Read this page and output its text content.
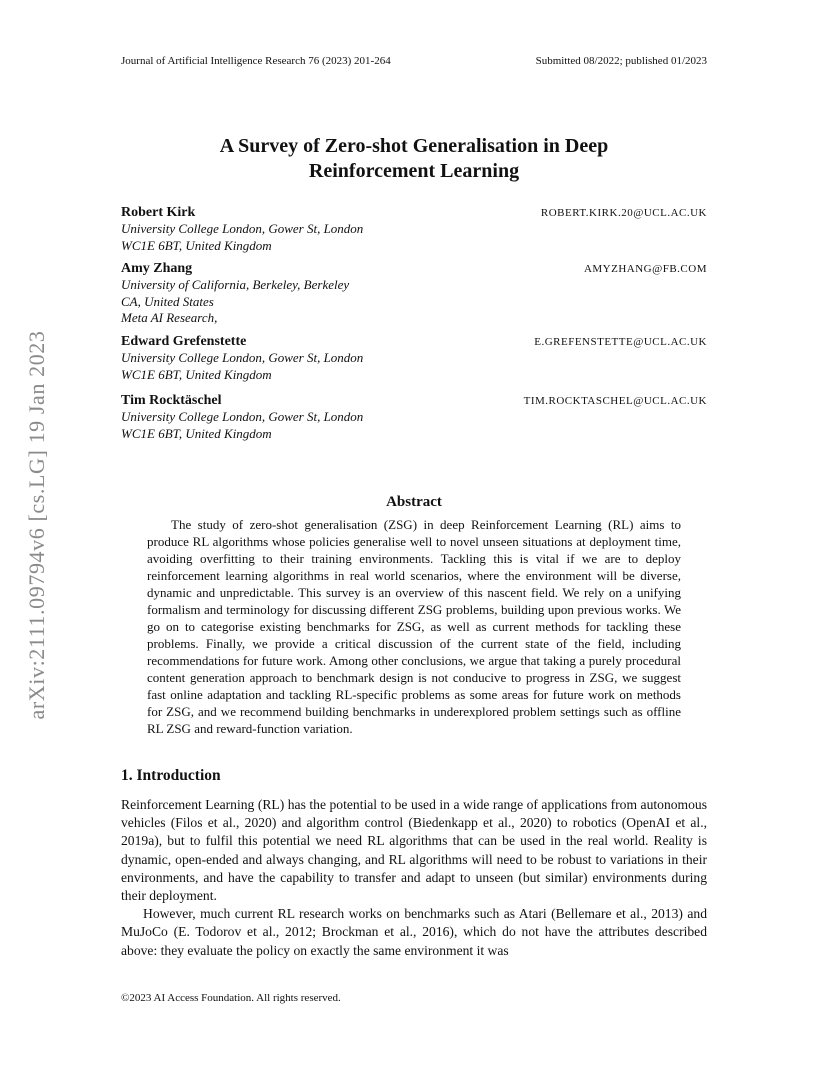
Journal of Artificial Intelligence Research 76 (2023) 201-264	Submitted 08/2022; published 01/2023
A Survey of Zero-shot Generalisation in Deep
Reinforcement Learning
Robert Kirk	ROBERT.KIRK.20@UCL.AC.UK
University College London, Gower St, London
WC1E 6BT, United Kingdom
Amy Zhang	AMYZHANG@FB.COM
University of California, Berkeley, Berkeley
CA, United States
Meta AI Research,
Edward Grefenstette	E.GREFENSTETTE@UCL.AC.UK
University College London, Gower St, London
WC1E 6BT, United Kingdom
Tim Rocktäschel	TIM.ROCKTASCHEL@UCL.AC.UK
University College London, Gower St, London
WC1E 6BT, United Kingdom
Abstract
The study of zero-shot generalisation (ZSG) in deep Reinforcement Learning (RL) aims to produce RL algorithms whose policies generalise well to novel unseen situations at deployment time, avoiding overfitting to their training environments. Tackling this is vital if we are to deploy reinforcement learning algorithms in real world scenarios, where the environment will be diverse, dynamic and unpredictable. This survey is an overview of this nascent field. We rely on a unifying formalism and terminology for discussing different ZSG problems, building upon previous works. We go on to categorise existing benchmarks for ZSG, as well as current methods for tackling these problems. Finally, we provide a critical discussion of the current state of the field, including recommendations for future work. Among other conclusions, we argue that taking a purely procedural content generation approach to benchmark design is not conducive to progress in ZSG, we suggest fast online adaptation and tackling RL-specific problems as some areas for future work on methods for ZSG, and we recommend building benchmarks in underexplored problem settings such as offline RL ZSG and reward-function variation.
1. Introduction

Reinforcement Learning (RL) has the potential to be used in a wide range of applications from autonomous vehicles (Filos et al., 2020) and algorithm control (Biedenkapp et al., 2020) to robotics (OpenAI et al., 2019a), but to fulfil this potential we need RL algorithms that can be used in the real world. Reality is dynamic, open-ended and always changing, and RL algorithms will need to be robust to variations in their environments, and have the capability to transfer and adapt to unseen (but similar) environments during their deployment.

However, much current RL research works on benchmarks such as Atari (Bellemare et al., 2013) and MuJoCo (E. Todorov et al., 2012; Brockman et al., 2016), which do not have the attributes described above: they evaluate the policy on exactly the same environment it was

©2023 AI Access Foundation. All rights reserved.
arXiv:2111.09794v6 [cs.LG] 19 Jan 2023
